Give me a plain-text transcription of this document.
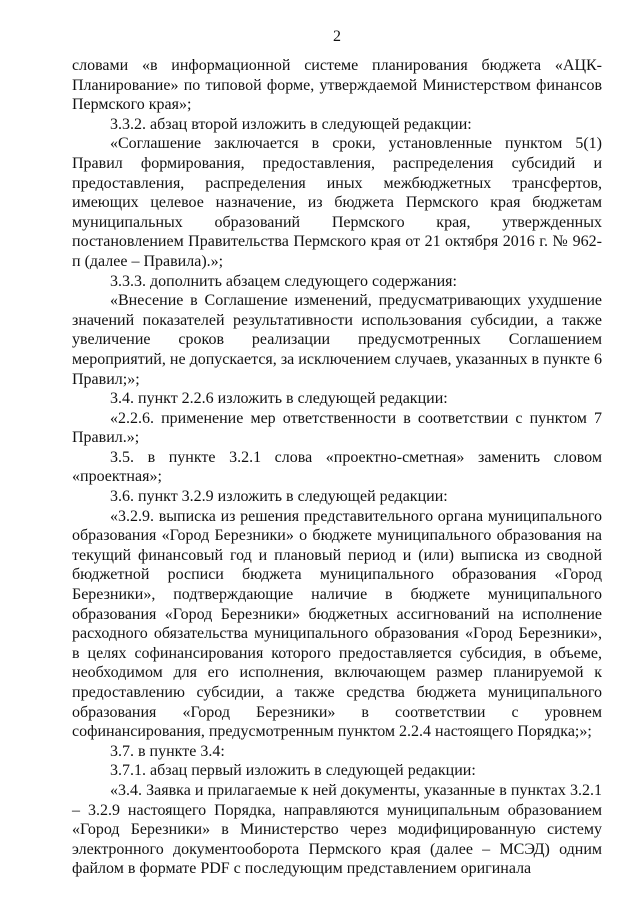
2

словами «в информационной системе планирования бюджета «АЦК-Планирование» по типовой форме, утверждаемой Министерством финансов Пермского края»;

3.3.2. абзац второй изложить в следующей редакции:

«Соглашение заключается в сроки, установленные пунктом 5(1) Правил формирования, предоставления, распределения субсидий и предоставления, распределения иных межбюджетных трансфертов, имеющих целевое назначение, из бюджета Пермского края бюджетам муниципальных образований Пермского края, утвержденных постановлением Правительства Пермского края от 21 октября 2016 г. № 962-п (далее – Правила).»;

3.3.3. дополнить абзацем следующего содержания:

«Внесение в Соглашение изменений, предусматривающих ухудшение значений показателей результативности использования субсидии, а также увеличение сроков реализации предусмотренных Соглашением мероприятий, не допускается, за исключением случаев, указанных в пункте 6 Правил;»;

3.4. пункт 2.2.6 изложить в следующей редакции:

«2.2.6. применение мер ответственности в соответствии с пунктом 7 Правил.»;

3.5. в пункте 3.2.1 слова «проектно-сметная» заменить словом «проектная»;

3.6. пункт 3.2.9 изложить в следующей редакции:

«3.2.9. выписка из решения представительного органа муниципального образования «Город Березники» о бюджете муниципального образования на текущий финансовый год и плановый период и (или) выписка из сводной бюджетной росписи бюджета муниципального образования «Город Березники», подтверждающие наличие в бюджете муниципального образования «Город Березники» бюджетных ассигнований на исполнение расходного обязательства муниципального образования «Город Березники», в целях софинансирования которого предоставляется субсидия, в объеме, необходимом для его исполнения, включающем размер планируемой к предоставлению субсидии, а также средства бюджета муниципального образования «Город Березники» в соответствии с уровнем софинансирования, предусмотренным пунктом 2.2.4 настоящего Порядка;»;

3.7. в пункте 3.4:

3.7.1. абзац первый изложить в следующей редакции:

«3.4. Заявка и прилагаемые к ней документы, указанные в пунктах 3.2.1 – 3.2.9 настоящего Порядка, направляются муниципальным образованием «Город Березники» в Министерство через модифицированную систему электронного документооборота Пермского края (далее – МСЭД) одним файлом в формате PDF с последующим представлением оригинала
